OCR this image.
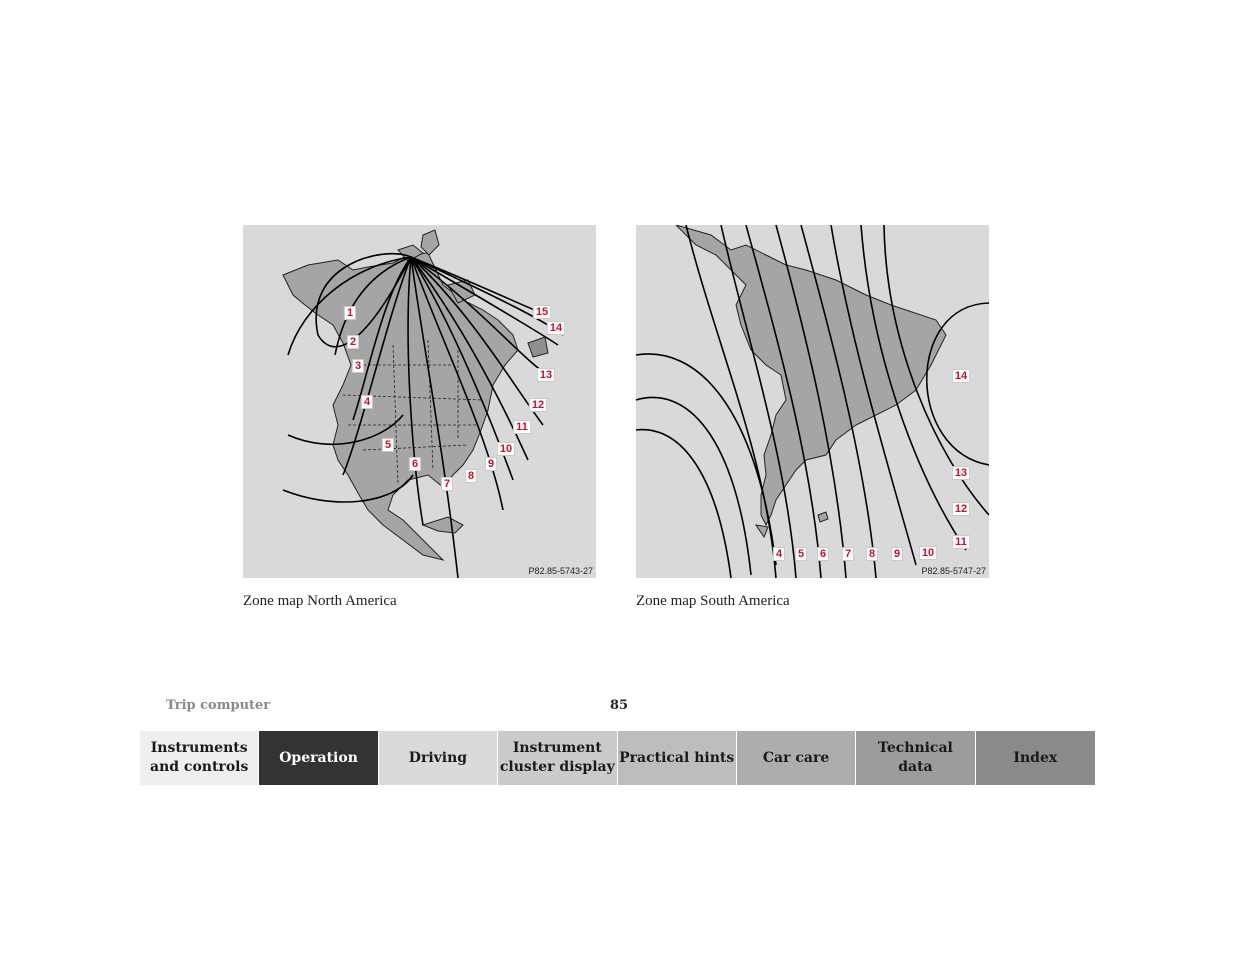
1
2
3
4
5
6
7
8
9
10
11
12
13
14
15
P82.85-5743-27
Zone map North America
4 5 6 7 8 9 10
11
12
13
14
P82.85-5747-27
Zone map South America
Trip computer	85
Instruments
and controls
Operation	Driving
Instrument
cluster display
Practical hints	Car care
Technical
data
Index
